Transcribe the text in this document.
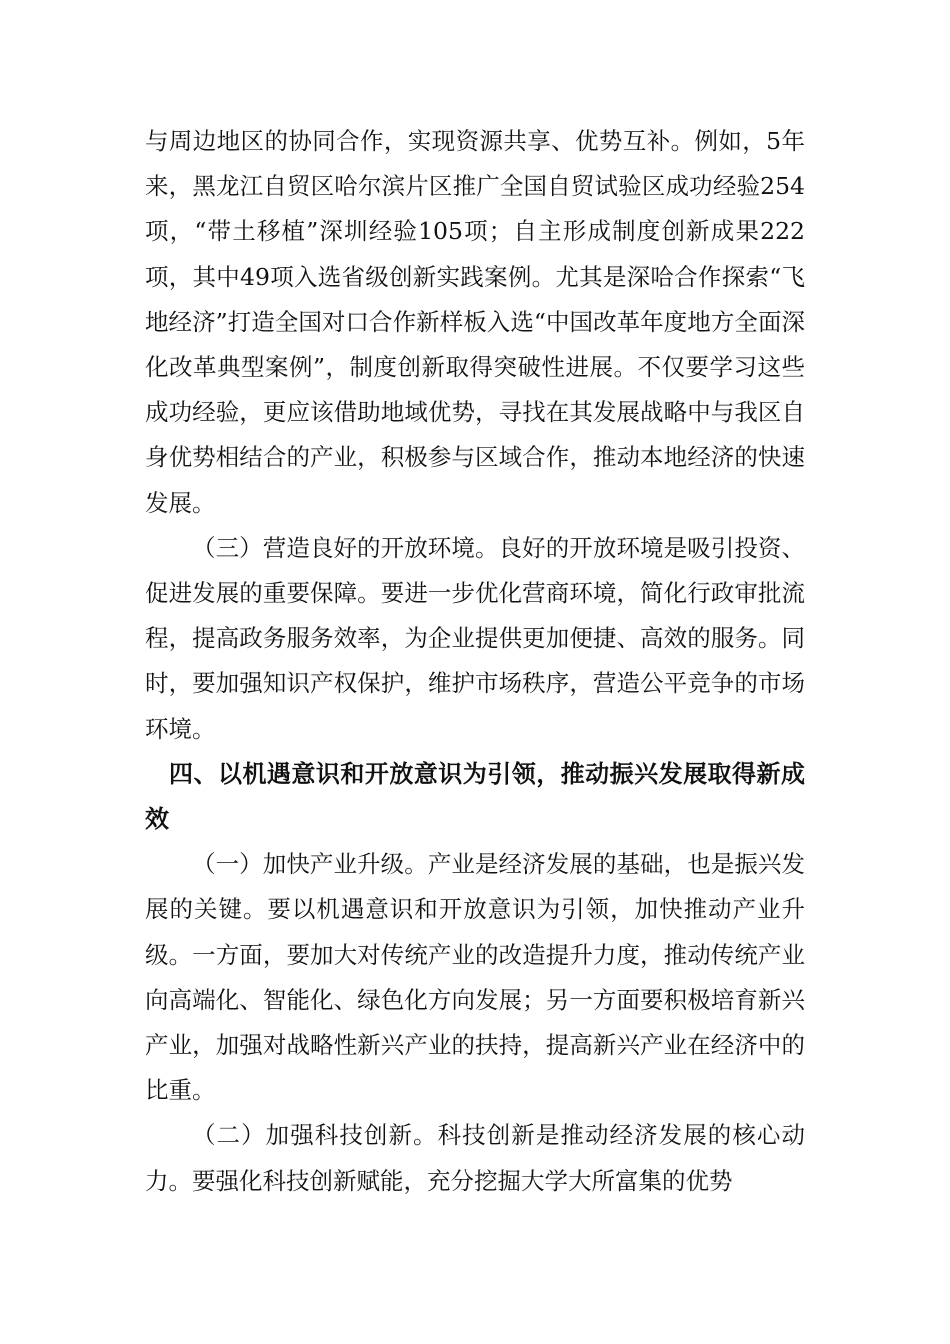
与周边地区的协同合作，实现资源共享、优势互补。例如，5年来，黑龙江自贸区哈尔滨片区推广全国自贸试验区成功经验254项，“带土移植”深圳经验105项；自主形成制度创新成果222项，其中49项入选省级创新实践案例。尤其是深哈合作探索“飞地经济”打造全国对口合作新样板入选“中国改革年度地方全面深化改革典型案例”，制度创新取得突破性进展。不仅要学习这些成功经验，更应该借助地域优势，寻找在其发展战略中与我区自身优势相结合的产业，积极参与区域合作，推动本地经济的快速发展。

（三）营造良好的开放环境。良好的开放环境是吸引投资、促进发展的重要保障。要进一步优化营商环境，简化行政审批流程，提高政务服务效率，为企业提供更加便捷、高效的服务。同时，要加强知识产权保护，维护市场秩序，营造公平竞争的市场环境。

四、以机遇意识和开放意识为引领，推动振兴发展取得新成效

（一）加快产业升级。产业是经济发展的基础，也是振兴发展的关键。要以机遇意识和开放意识为引领，加快推动产业升级。一方面，要加大对传统产业的改造提升力度，推动传统产业向高端化、智能化、绿色化方向发展；另一方面要积极培育新兴产业，加强对战略性新兴产业的扶持，提高新兴产业在经济中的比重。

（二）加强科技创新。科技创新是推动经济发展的核心动力。要强化科技创新赋能，充分挖掘大学大所富集的优势
